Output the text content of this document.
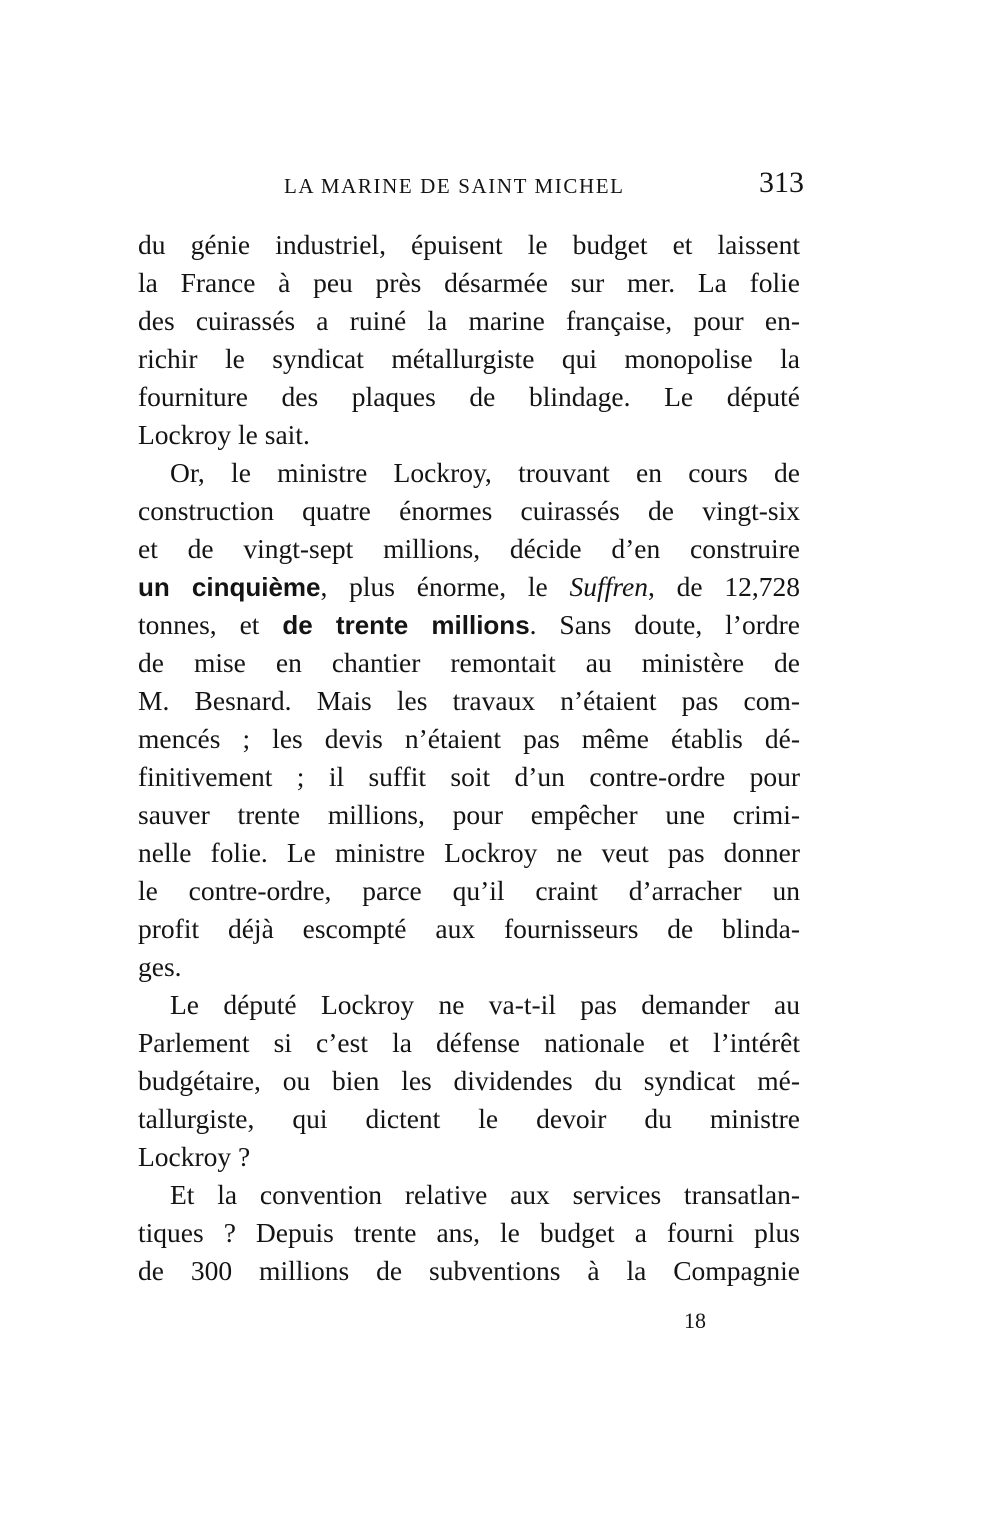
LA MARINE DE SAINT MICHEL	313
du génie industriel, épuisent le budget et laissent
la France à peu près désarmée sur mer. La folie
des cuirassés a ruiné la marine française, pour en-
richir le syndicat métallurgiste qui monopolise la
fourniture des plaques de blindage. Le député
Lockroy le sait.
Or, le ministre Lockroy, trouvant en cours de
construction quatre énormes cuirassés de vingt-six
et de vingt-sept millions, décide d’en construire
un cinquième, plus énorme, le Suffren, de 12,728
tonnes, et de trente millions. Sans doute, l’ordre
de mise en chantier remontait au ministère de
M. Besnard. Mais les travaux n’étaient pas com-
mencés ; les devis n’étaient pas même établis dé-
finitivement ; il suffit soit d’un contre-ordre pour
sauver trente millions, pour empêcher une crimi-
nelle folie. Le ministre Lockroy ne veut pas donner
le contre-ordre, parce qu’il craint d’arracher un
profit déjà escompté aux fournisseurs de blinda-
ges.
Le député Lockroy ne va-t-il pas demander au
Parlement si c’est la défense nationale et l’intérêt
budgétaire, ou bien les dividendes du syndicat mé-
tallurgiste, qui dictent le devoir du ministre
Lockroy ?
Et la convention relative aux services transatlan-
tiques ? Depuis trente ans, le budget a fourni plus
de 300 millions de subventions à la Compagnie
18
